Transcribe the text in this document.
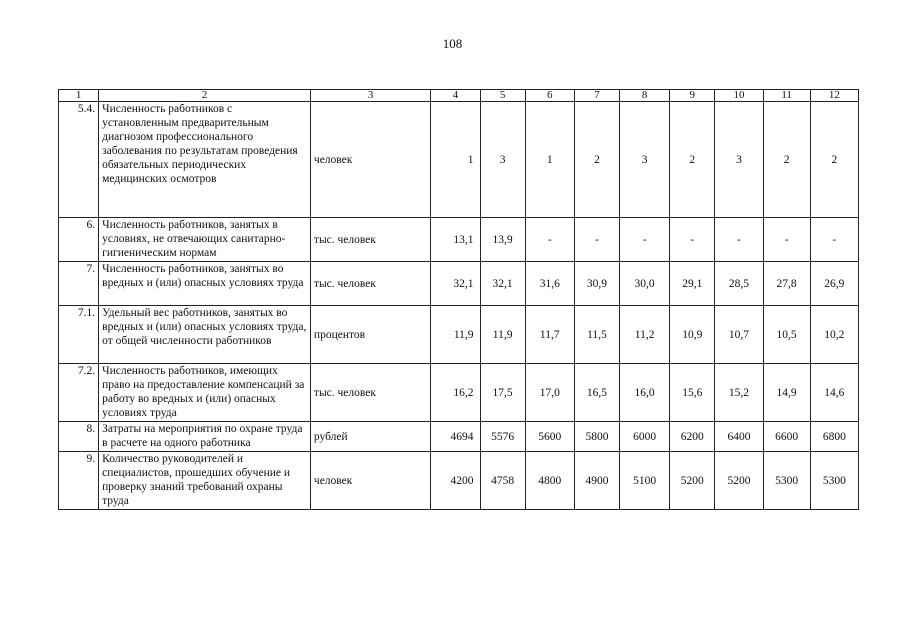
108
1	2	3	4	5	6	7	8	9	10	11	12
5.4.	Численность работников с установленным предварительным диагнозом профессионального заболевания по результатам проведения обязательных периодических медицинских осмотров	человек	1	3	1	2	3	2	3	2	2
6.	Численность работников, занятых в условиях, не отвечающих санитарно-гигиеническим нормам	тыс. человек	13,1	13,9	-	-	-	-	-	-	-
7.	Численность работников, занятых во вредных и (или) опасных условиях труда	тыс. человек	32,1	32,1	31,6	30,9	30,0	29,1	28,5	27,8	26,9
7.1.	Удельный вес работников, занятых во вредных и (или) опасных условиях труда, от общей численности работников	процентов	11,9	11,9	11,7	11,5	11,2	10,9	10,7	10,5	10,2
7.2.	Численность работников, имеющих право на предоставление компенсаций за работу во вредных и (или) опасных условиях труда	тыс. человек	16,2	17,5	17,0	16,5	16,0	15,6	15,2	14,9	14,6
8.	Затраты на мероприятия по охране труда в расчете на одного работника	рублей	4694	5576	5600	5800	6000	6200	6400	6600	6800
9.	Количество руководителей и специалистов, прошедших обучение и проверку знаний требований охраны труда	человек	4200	4758	4800	4900	5100	5200	5200	5300	5300
